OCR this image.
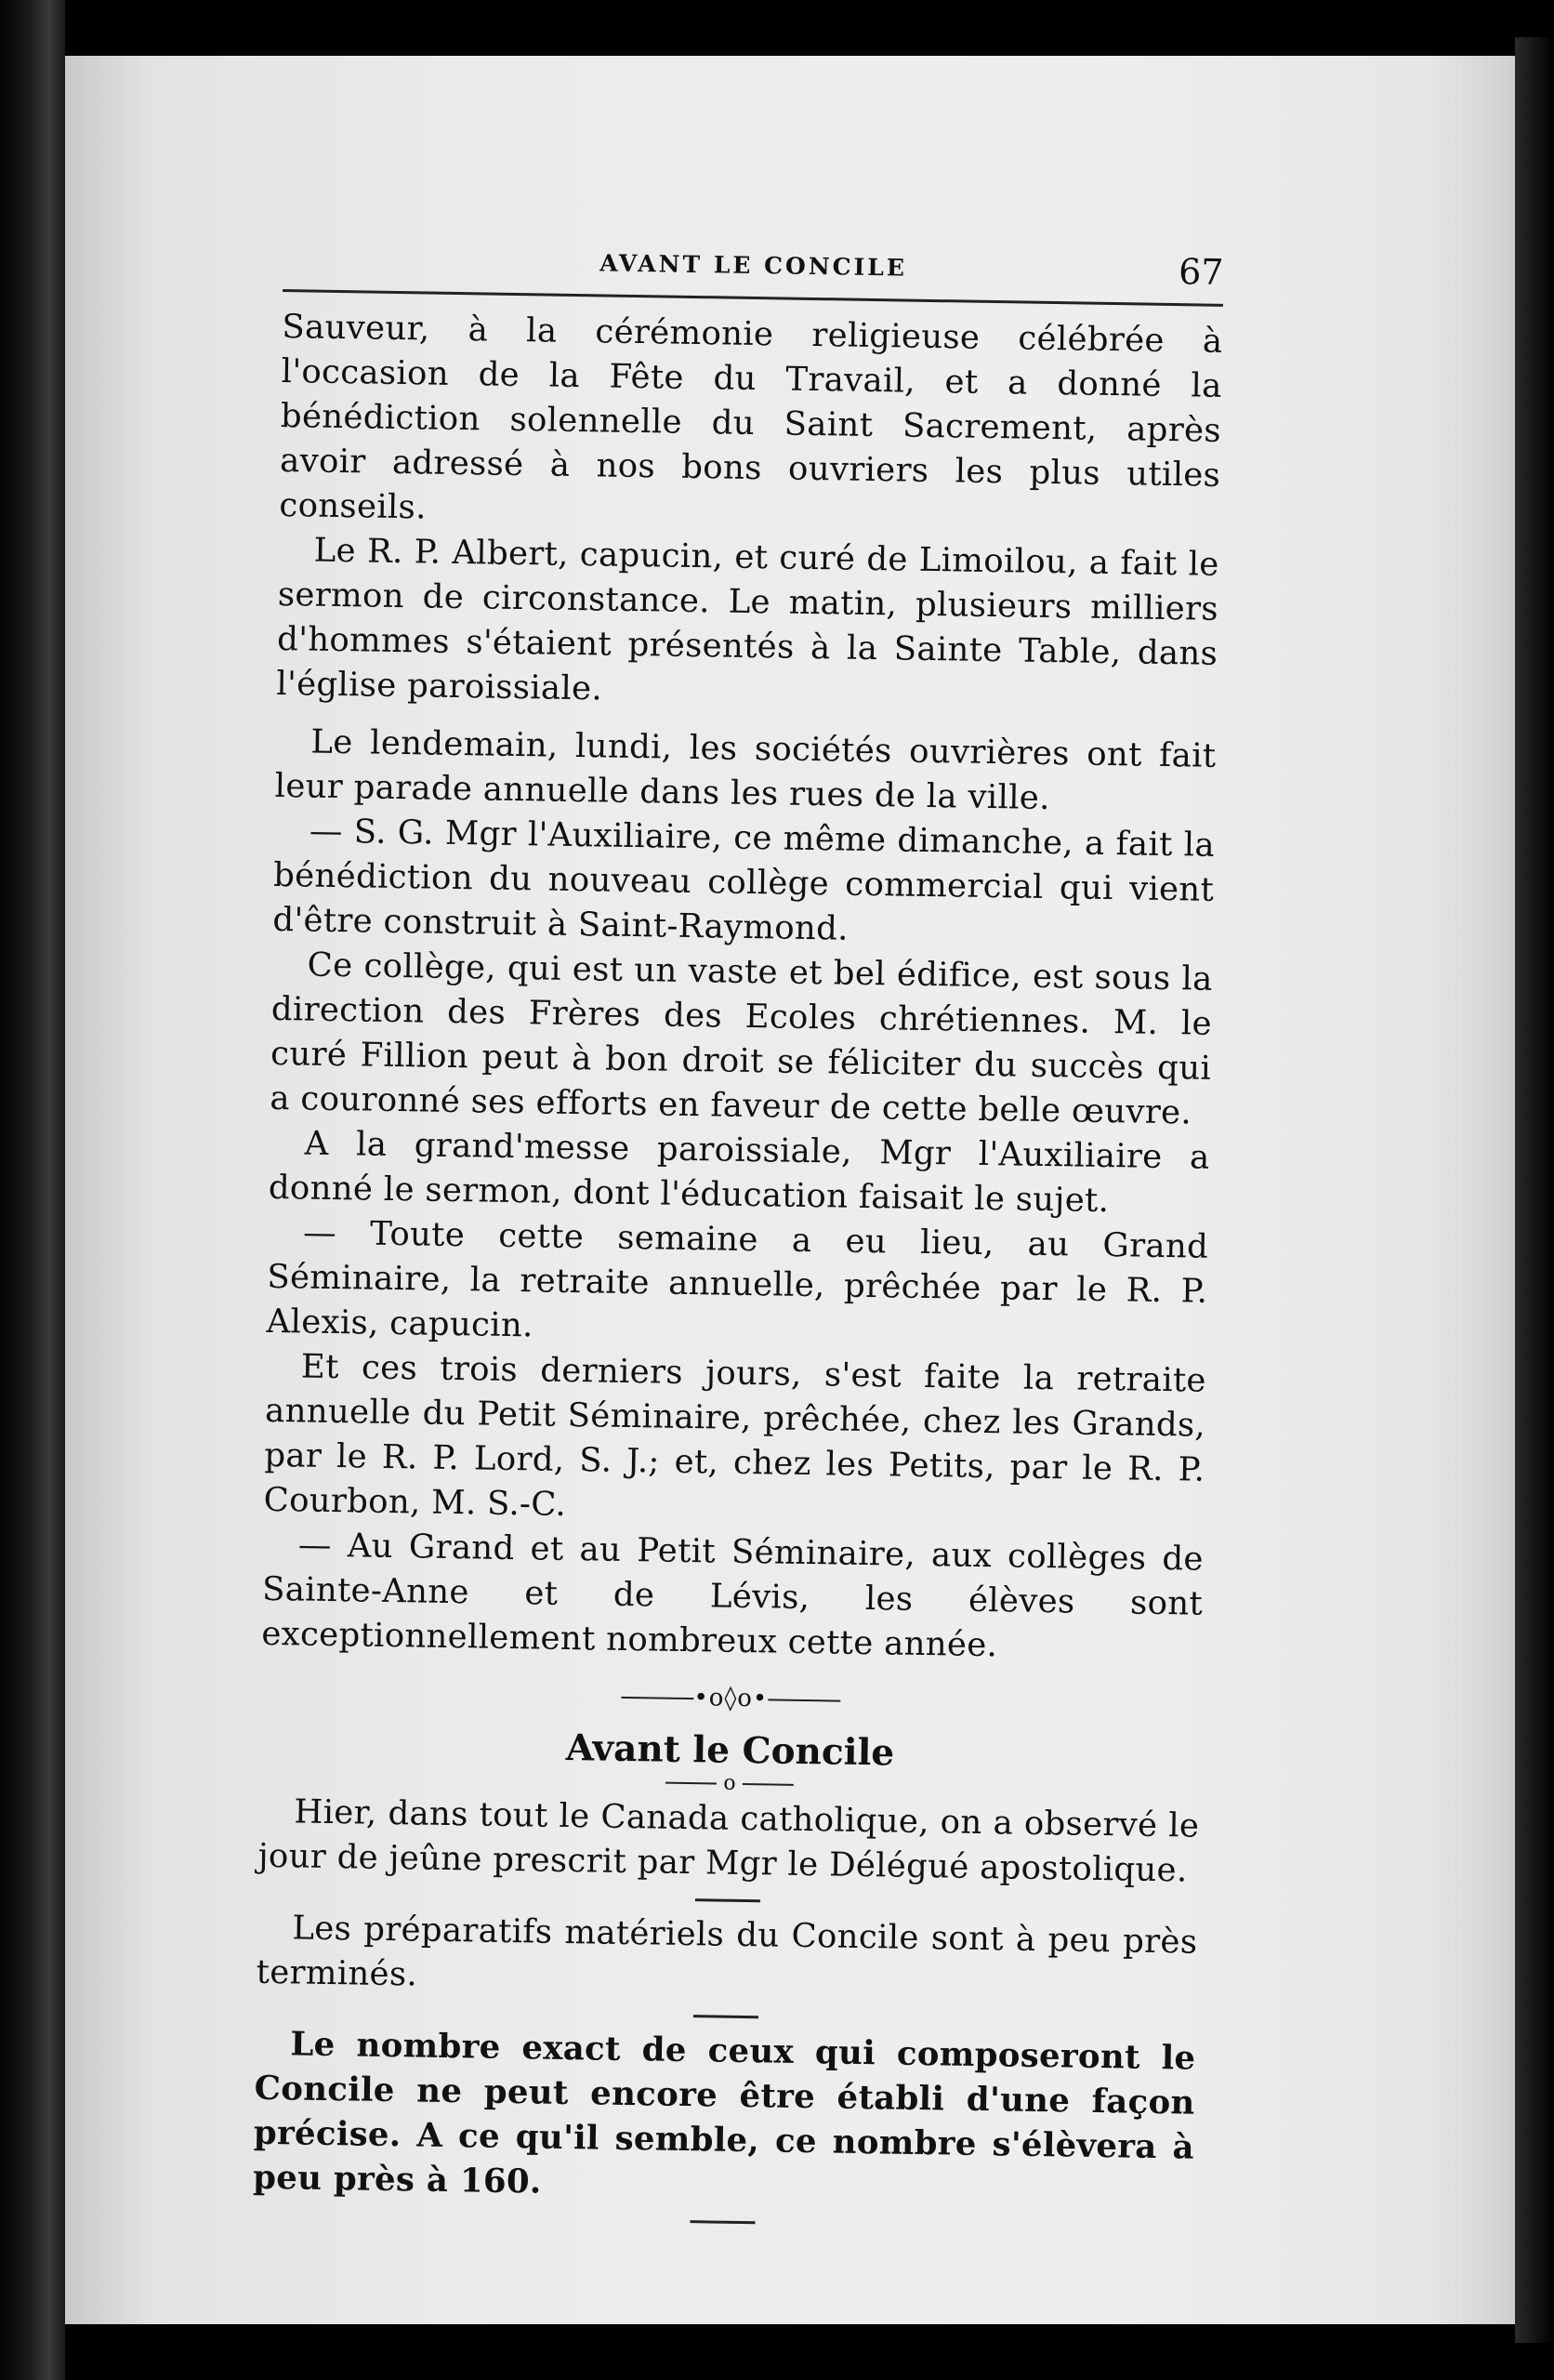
AVANT LE CONCILE	67

Sauveur, à la cérémonie religieuse célébrée à l'occasion de la Fête du Travail, et a donné la bénédiction solennelle du Saint Sacrement, après avoir adressé à nos bons ouvriers les plus utiles conseils.

Le R. P. Albert, capucin, et curé de Limoilou, a fait le sermon de circonstance. Le matin, plusieurs milliers d'hommes s'étaient présentés à la Sainte Table, dans l'église paroissiale.

Le lendemain, lundi, les sociétés ouvrières ont fait leur parade annuelle dans les rues de la ville.

— S. G. Mgr l'Auxiliaire, ce même dimanche, a fait la bénédiction du nouveau collège commercial qui vient d'être construit à Saint-Raymond.

Ce collège, qui est un vaste et bel édifice, est sous la direction des Frères des Ecoles chrétiennes. M. le curé Fillion peut à bon droit se féliciter du succès qui a couronné ses efforts en faveur de cette belle œuvre.

A la grand'messe paroissiale, Mgr l'Auxiliaire a donné le sermon, dont l'éducation faisait le sujet.

— Toute cette semaine a eu lieu, au Grand Séminaire, la retraite annuelle, prêchée par le R. P. Alexis, capucin.

Et ces trois derniers jours, s'est faite la retraite annuelle du Petit Séminaire, prêchée, chez les Grands, par le R. P. Lord, S. J.; et, chez les Petits, par le R. P. Courbon, M. S.-C.

— Au Grand et au Petit Séminaire, aux collèges de Sainte-Anne et de Lévis, les élèves sont exceptionnellement nombreux cette année.

•o◊o•
Avant le Concile
o

Hier, dans tout le Canada catholique, on a observé le jour de jeûne prescrit par Mgr le Délégué apostolique.

Les préparatifs matériels du Concile sont à peu près terminés.

Le nombre exact de ceux qui composeront le Concile ne peut encore être établi d'une façon précise. A ce qu'il semble, ce nombre s'élèvera à peu près à 160.
